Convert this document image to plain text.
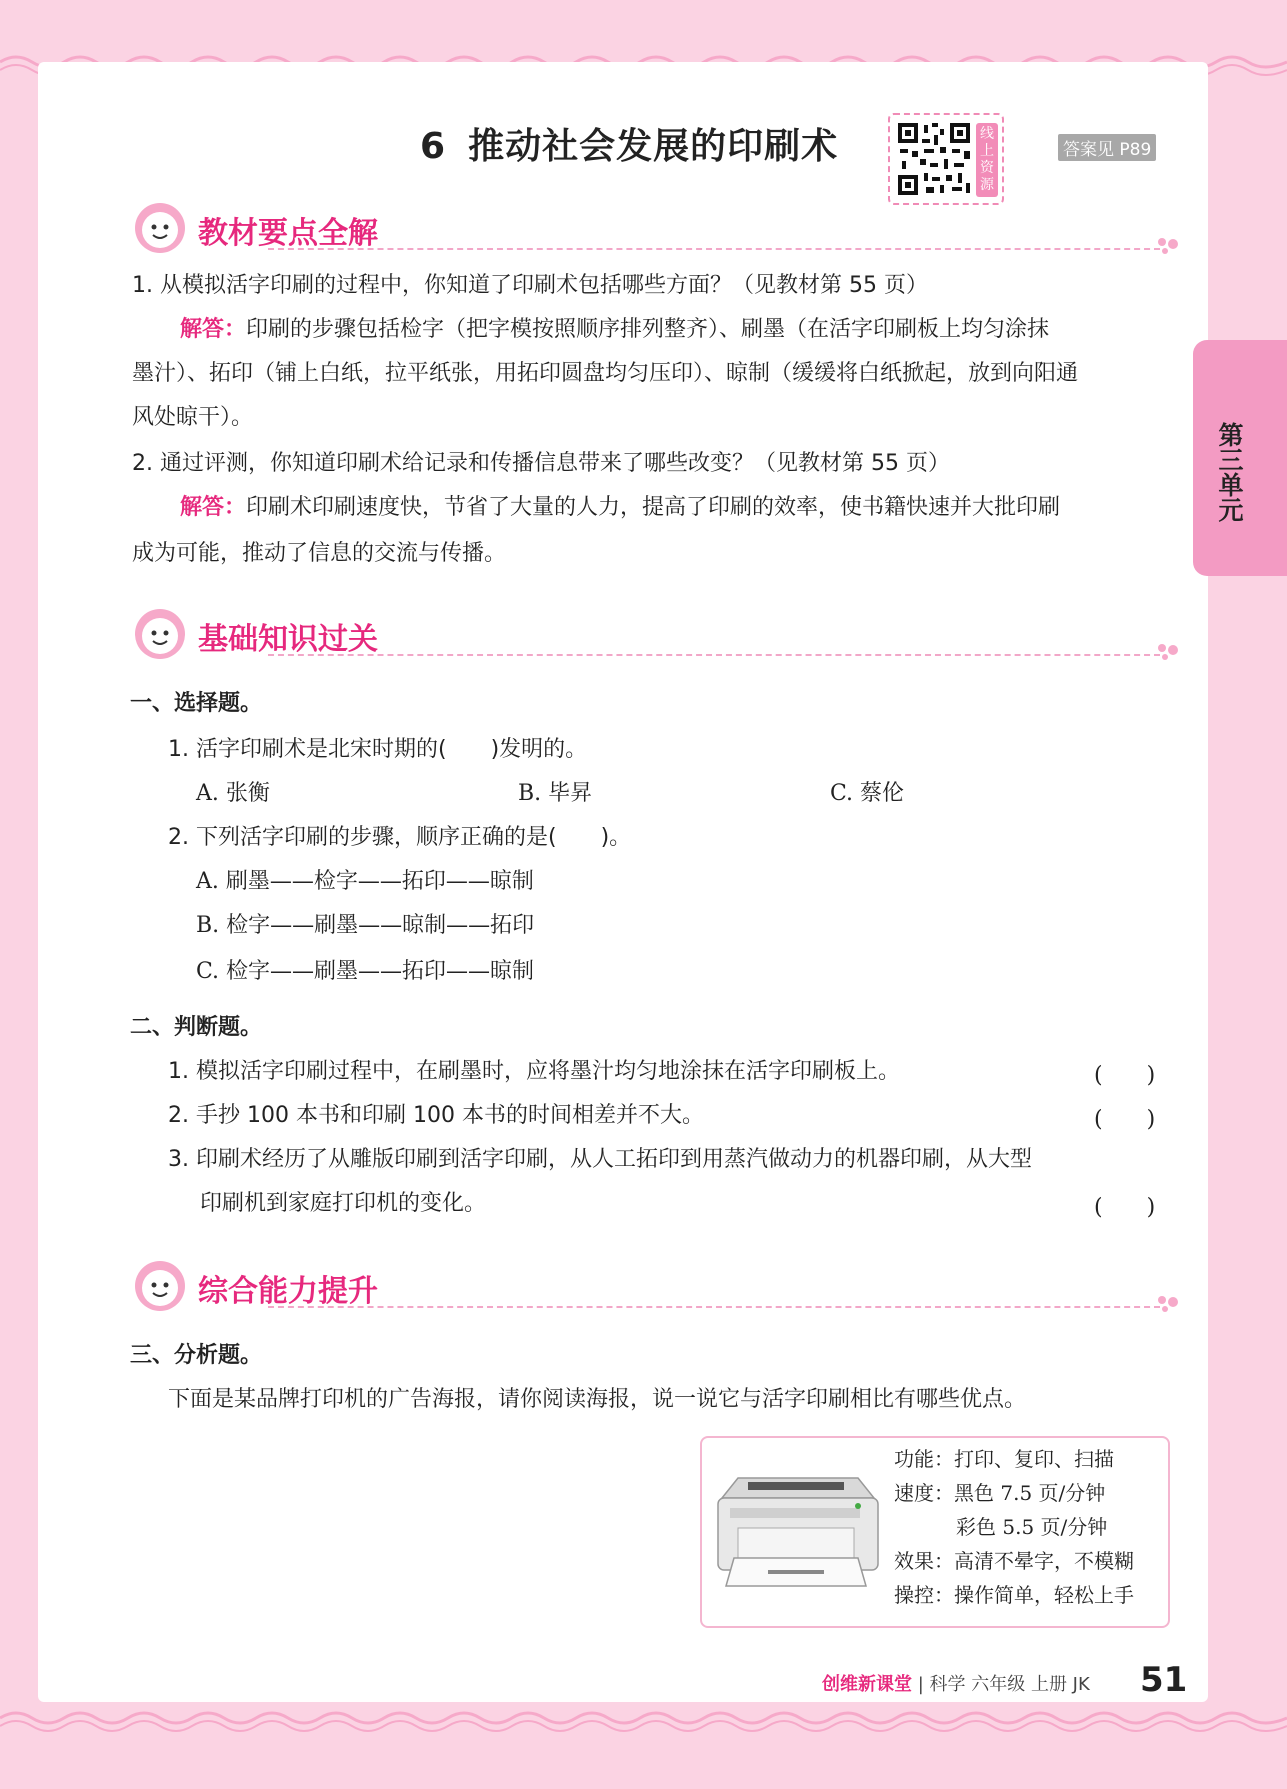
6 推动社会发展的印刷术	线上资源
答案见 P89
第三单元
教材要点全解
1. 从模拟活字印刷的过程中，你知道了印刷术包括哪些方面？（见教材第 55 页）
解答：印刷的步骤包括检字（把字模按照顺序排列整齐）、刷墨（在活字印刷板上均匀涂抹
墨汁）、拓印（铺上白纸，拉平纸张，用拓印圆盘均匀压印）、晾制（缓缓将白纸掀起，放到向阳通
风处晾干）。
2. 通过评测，你知道印刷术给记录和传播信息带来了哪些改变？（见教材第 55 页）
解答：印刷术印刷速度快，节省了大量的人力，提高了印刷的效率，使书籍快速并大批印刷
成为可能，推动了信息的交流与传播。
基础知识过关
一、选择题。
1. 活字印刷术是北宋时期的(　　)发明的。
A. 张衡	B. 毕昇	C. 蔡伦
2. 下列活字印刷的步骤，顺序正确的是(　　)。
A. 刷墨——检字——拓印——晾制
B. 检字——刷墨——晾制——拓印
C. 检字——刷墨——拓印——晾制
二、判断题。
1. 模拟活字印刷过程中，在刷墨时，应将墨汁均匀地涂抹在活字印刷板上。	(　　)
2. 手抄 100 本书和印刷 100 本书的时间相差并不大。	(　　)
3. 印刷术经历了从雕版印刷到活字印刷，从人工拓印到用蒸汽做动力的机器印刷，从大型
印刷机到家庭打印机的变化。	(　　)
综合能力提升
三、分析题。
下面是某品牌打印机的广告海报，请你阅读海报，说一说它与活字印刷相比有哪些优点。
功能：打印、复印、扫描
速度：黑色 7.5 页/分钟
彩色 5.5 页/分钟
效果：高清不晕字，不模糊
操控：操作简单，轻松上手
创维新课堂 | 科学 六年级 上册 JK 51
